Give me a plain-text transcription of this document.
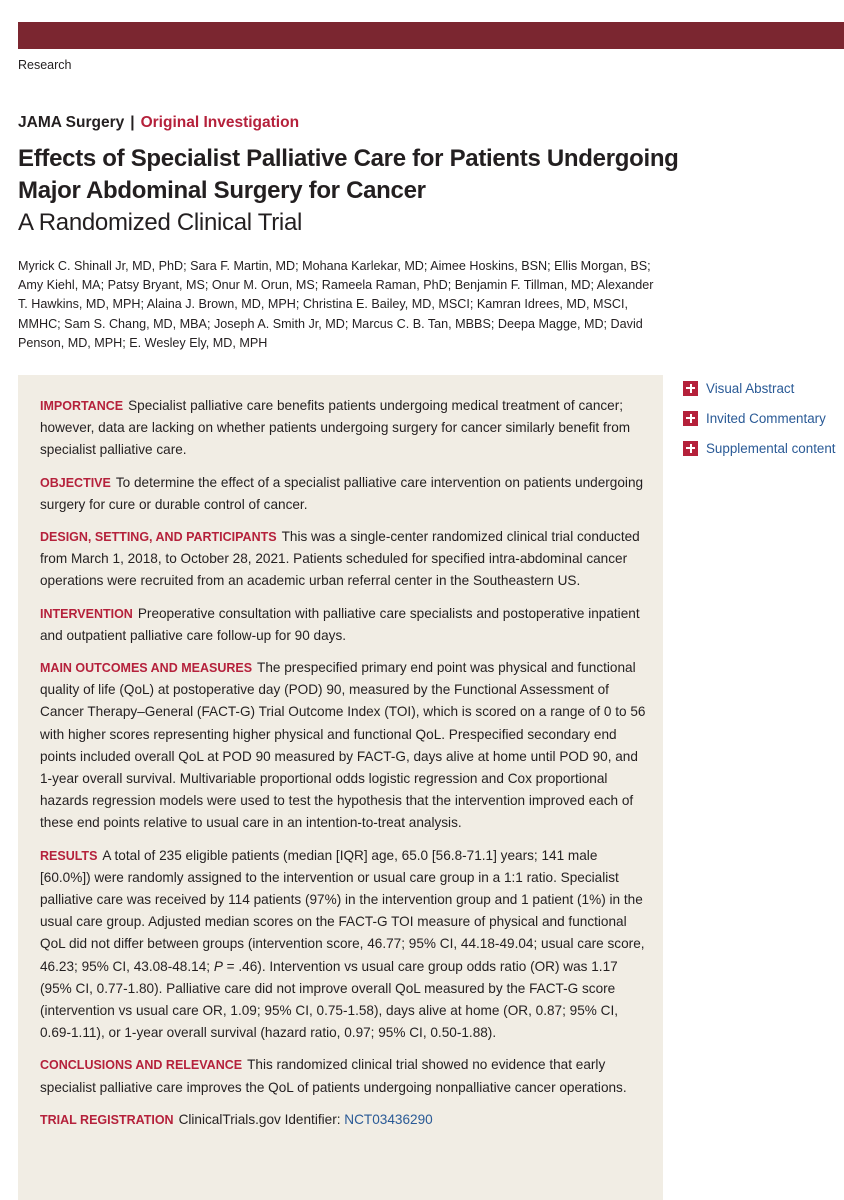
Research
JAMA Surgery | Original Investigation
Effects of Specialist Palliative Care for Patients Undergoing Major Abdominal Surgery for Cancer
A Randomized Clinical Trial
Myrick C. Shinall Jr, MD, PhD; Sara F. Martin, MD; Mohana Karlekar, MD; Aimee Hoskins, BSN; Ellis Morgan, BS; Amy Kiehl, MA; Patsy Bryant, MS; Onur M. Orun, MS; Rameela Raman, PhD; Benjamin F. Tillman, MD; Alexander T. Hawkins, MD, MPH; Alaina J. Brown, MD, MPH; Christina E. Bailey, MD, MSCI; Kamran Idrees, MD, MSCI, MMHC; Sam S. Chang, MD, MBA; Joseph A. Smith Jr, MD; Marcus C. B. Tan, MBBS; Deepa Magge, MD; David Penson, MD, MPH; E. Wesley Ely, MD, MPH

IMPORTANCE Specialist palliative care benefits patients undergoing medical treatment of cancer; however, data are lacking on whether patients undergoing surgery for cancer similarly benefit from specialist palliative care.

OBJECTIVE To determine the effect of a specialist palliative care intervention on patients undergoing surgery for cure or durable control of cancer.

DESIGN, SETTING, AND PARTICIPANTS This was a single-center randomized clinical trial conducted from March 1, 2018, to October 28, 2021. Patients scheduled for specified intra-abdominal cancer operations were recruited from an academic urban referral center in the Southeastern US.

INTERVENTION Preoperative consultation with palliative care specialists and postoperative inpatient and outpatient palliative care follow-up for 90 days.

MAIN OUTCOMES AND MEASURES The prespecified primary end point was physical and functional quality of life (QoL) at postoperative day (POD) 90, measured by the Functional Assessment of Cancer Therapy–General (FACT-G) Trial Outcome Index (TOI), which is scored on a range of 0 to 56 with higher scores representing higher physical and functional QoL. Prespecified secondary end points included overall QoL at POD 90 measured by FACT-G, days alive at home until POD 90, and 1-year overall survival. Multivariable proportional odds logistic regression and Cox proportional hazards regression models were used to test the hypothesis that the intervention improved each of these end points relative to usual care in an intention-to-treat analysis.

RESULTS A total of 235 eligible patients (median [IQR] age, 65.0 [56.8-71.1] years; 141 male [60.0%]) were randomly assigned to the intervention or usual care group in a 1:1 ratio. Specialist palliative care was received by 114 patients (97%) in the intervention group and 1 patient (1%) in the usual care group. Adjusted median scores on the FACT-G TOI measure of physical and functional QoL did not differ between groups (intervention score, 46.77; 95% CI, 44.18-49.04; usual care score, 46.23; 95% CI, 43.08-48.14; P = .46). Intervention vs usual care group odds ratio (OR) was 1.17 (95% CI, 0.77-1.80). Palliative care did not improve overall QoL measured by the FACT-G score (intervention vs usual care OR, 1.09; 95% CI, 0.75-1.58), days alive at home (OR, 0.87; 95% CI, 0.69-1.11), or 1-year overall survival (hazard ratio, 0.97; 95% CI, 0.50-1.88).

CONCLUSIONS AND RELEVANCE This randomized clinical trial showed no evidence that early specialist palliative care improves the QoL of patients undergoing nonpalliative cancer operations.

TRIAL REGISTRATION ClinicalTrials.gov Identifier: NCT03436290

Visual Abstract
Invited Commentary
Supplemental content
